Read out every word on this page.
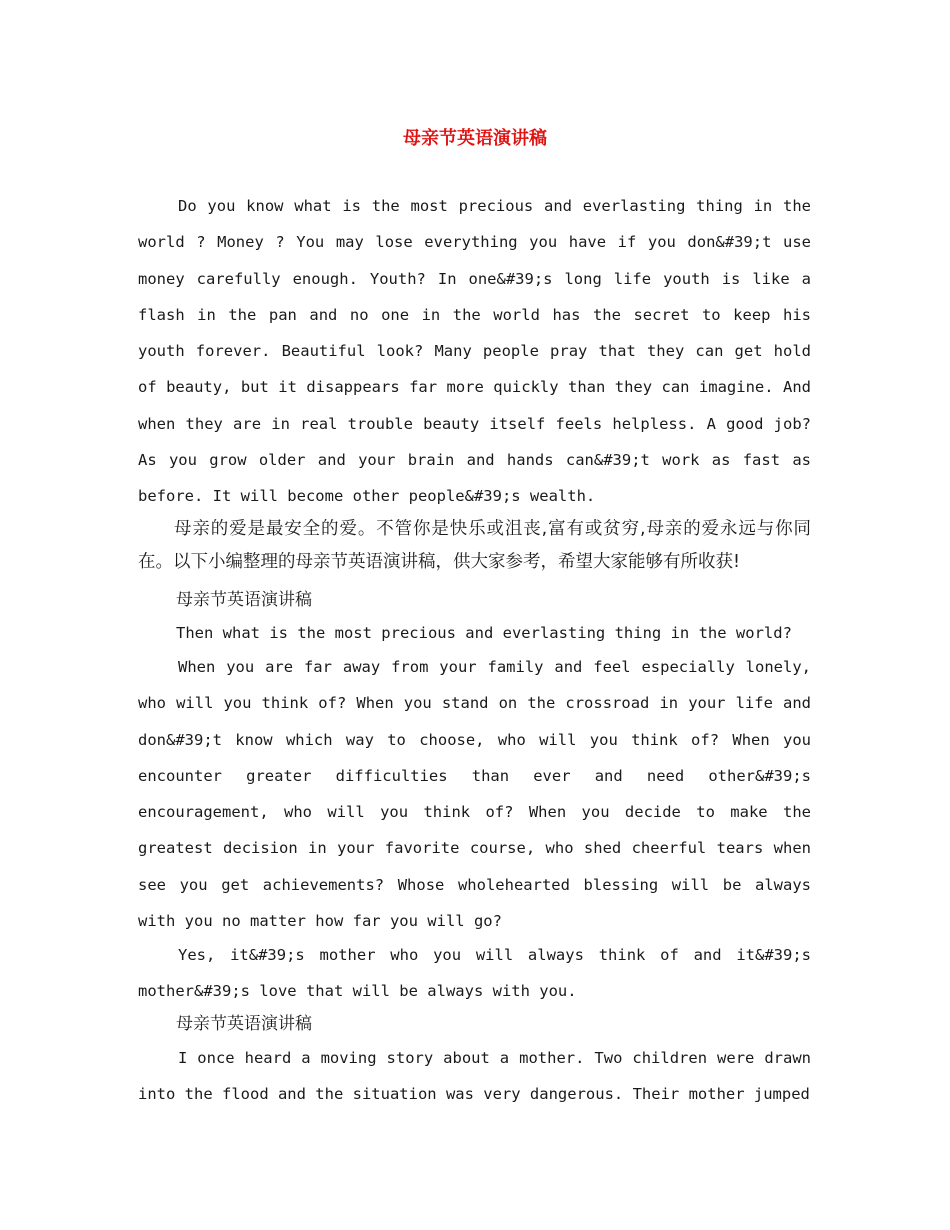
母亲节英语演讲稿

Do you know what is the most precious and everlasting thing in the world ? Money ? You may lose everything you have if you don&#39;t use money carefully enough. Youth? In one&#39;s long life youth is like a flash in the pan and no one in the world has the secret to keep his youth forever. Beautiful look? Many people pray that they can get hold of beauty, but it disappears far more quickly than they can imagine. And when they are in real trouble beauty itself feels helpless. A good job? As you grow older and your brain and hands can&#39;t work as fast as before. It will become other people&#39;s wealth.

母亲的爱是最安全的爱。不管你是快乐或沮丧,富有或贫穷,母亲的爱永远与你同在。以下小编整理的母亲节英语演讲稿，供大家参考，希望大家能够有所收获!

母亲节英语演讲稿

Then what is the most precious and everlasting thing in the world?

When you are far away from your family and feel especially lonely, who will you think of? When you stand on the crossroad in your life and don&#39;t know which way to choose, who will you think of? When you encounter greater difficulties than ever and need other&#39;s encouragement, who will you think of? When you decide to make the greatest decision in your favorite course, who shed cheerful tears when see you get achievements? Whose wholehearted blessing will be always with you no matter how far you will go?

Yes, it&#39;s mother who you will always think of and it&#39;s mother&#39;s love that will be always with you.

母亲节英语演讲稿

I once heard a moving story about a mother. Two children were drawn into the flood and the situation was very dangerous. Their mother jumped
